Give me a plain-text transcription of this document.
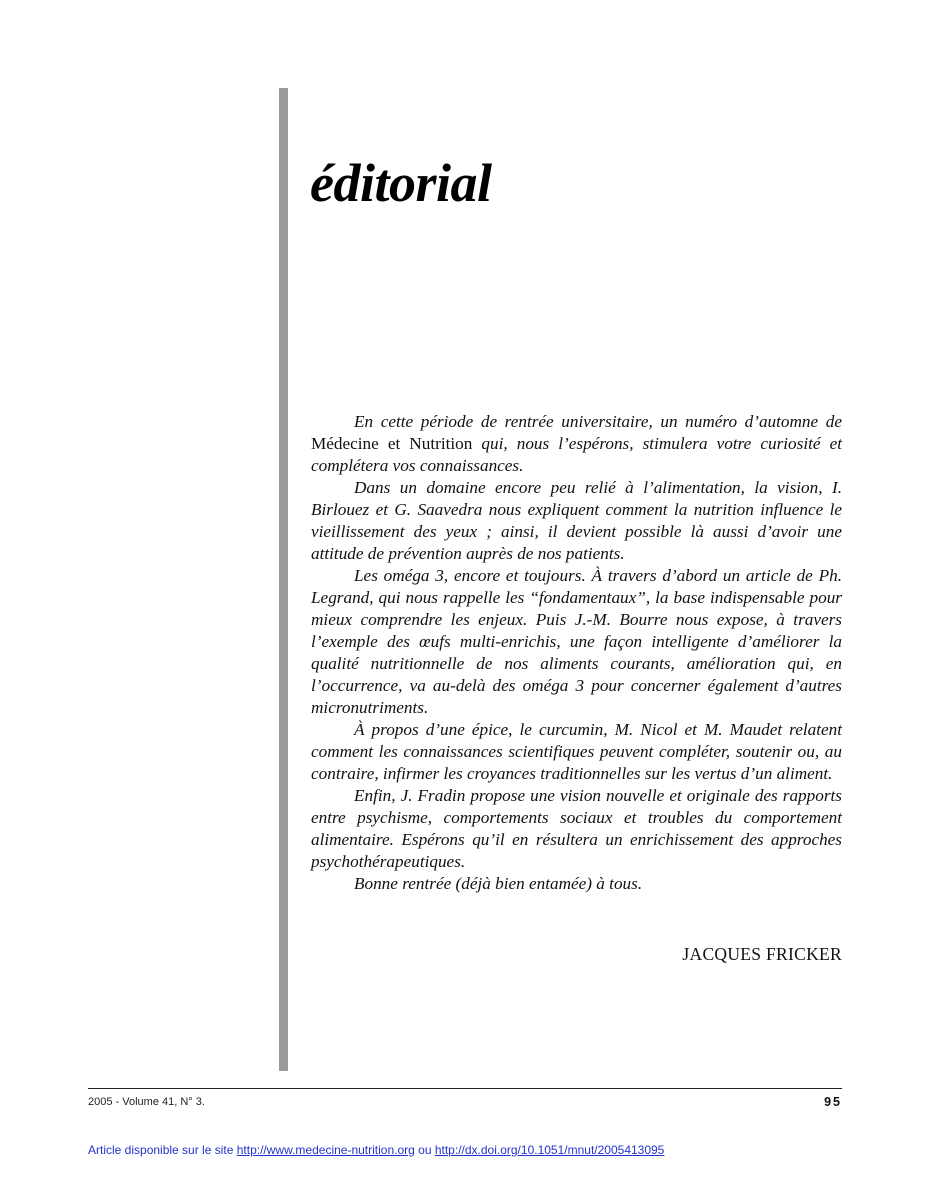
éditorial

En cette période de rentrée universitaire, un numéro d’automne de Médecine et Nutrition qui, nous l’espérons, stimulera votre curiosité et complétera vos connaissances.

Dans un domaine encore peu relié à l’alimentation, la vision, I. Birlouez et G. Saavedra nous expliquent comment la nutrition influence le vieillissement des yeux ; ainsi, il devient possible là aussi d’avoir une attitude de prévention auprès de nos patients.

Les oméga 3, encore et toujours. À travers d’abord un article de Ph. Legrand, qui nous rappelle les “fondamentaux”, la base indispensable pour mieux comprendre les enjeux. Puis J.-M. Bourre nous expose, à travers l’exemple des œufs multi-enrichis, une façon intelligente d’améliorer la qualité nutritionnelle de nos aliments courants, amélioration qui, en l’occurrence, va au-delà des oméga 3 pour concerner également d’autres micronutriments.

À propos d’une épice, le curcumin, M. Nicol et M. Maudet relatent comment les connaissances scientifiques peuvent compléter, soutenir ou, au contraire, infirmer les croyances traditionnelles sur les vertus d’un aliment.

Enfin, J. Fradin propose une vision nouvelle et originale des rapports entre psychisme, comportements sociaux et troubles du comportement alimentaire. Espérons qu’il en résultera un enrichissement des approches psychothérapeutiques.

Bonne rentrée (déjà bien entamée) à tous.

JACQUES FRICKER
2005 - Volume 41, N° 3.	95
Article disponible sur le site http://www.medecine-nutrition.org ou http://dx.doi.org/10.1051/mnut/2005413095
